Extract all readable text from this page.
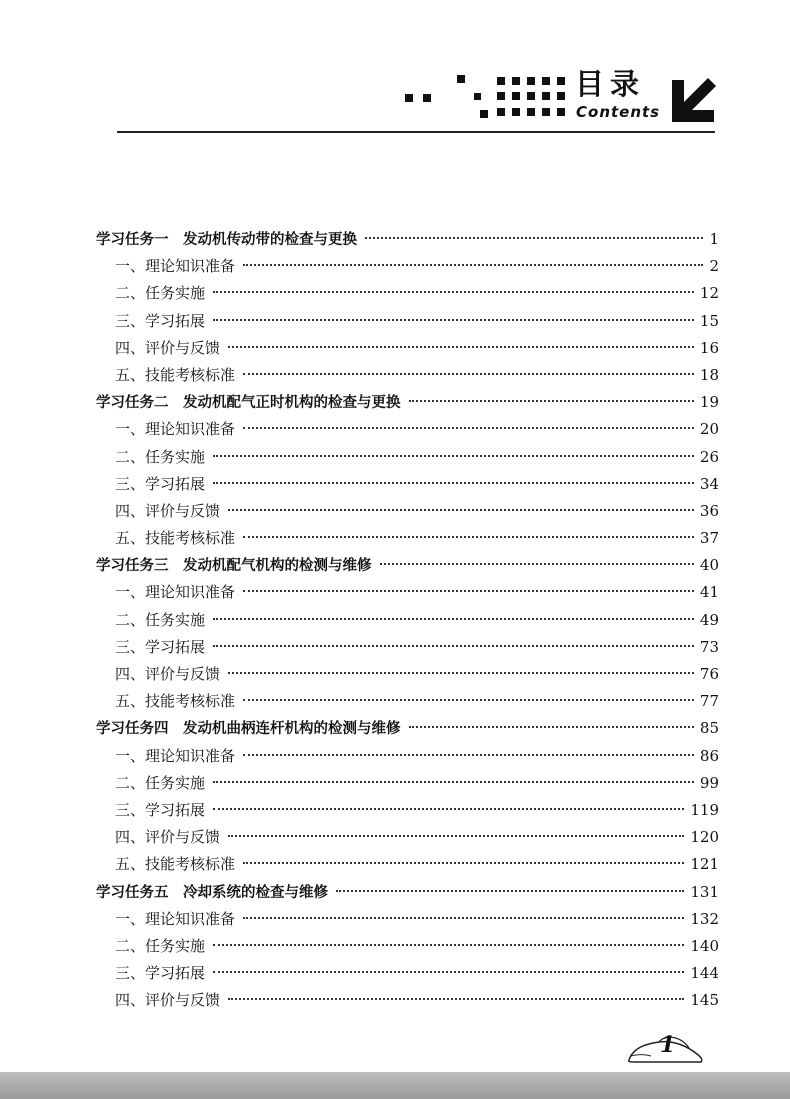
目录
Contents
学习任务一　发动机传动带的检查与更换	1
一、理论知识准备	2
二、任务实施	12
三、学习拓展	15
四、评价与反馈	16
五、技能考核标准	18
学习任务二　发动机配气正时机构的检查与更换	19
一、理论知识准备	20
二、任务实施	26
三、学习拓展	34
四、评价与反馈	36
五、技能考核标准	37
学习任务三　发动机配气机构的检测与维修	40
一、理论知识准备	41
二、任务实施	49
三、学习拓展	73
四、评价与反馈	76
五、技能考核标准	77
学习任务四　发动机曲柄连杆机构的检测与维修	85
一、理论知识准备	86
二、任务实施	99
三、学习拓展	119
四、评价与反馈	120
五、技能考核标准	121
学习任务五　冷却系统的检查与维修	131
一、理论知识准备	132
二、任务实施	140
三、学习拓展	144
四、评价与反馈	145
1
